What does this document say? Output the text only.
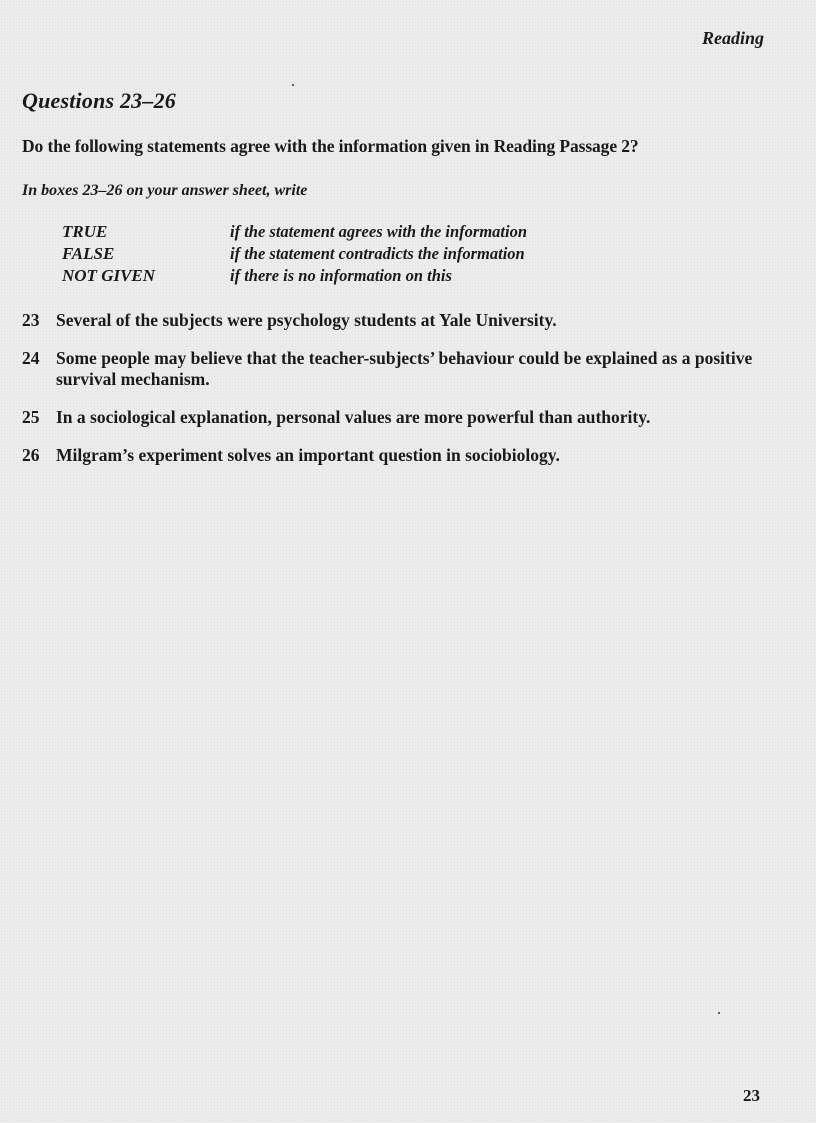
Reading
Questions 23–26
Do the following statements agree with the information given in Reading Passage 2?
In boxes 23–26 on your answer sheet, write
TRUE	if the statement agrees with the information
FALSE	if the statement contradicts the information
NOT GIVEN	if there is no information on this
23 Several of the subjects were psychology students at Yale University.
24 Some people may believe that the teacher-subjects’ behaviour could be explained as a positive survival mechanism.
25 In a sociological explanation, personal values are more powerful than authority.
26 Milgram’s experiment solves an important question in sociobiology.
23
